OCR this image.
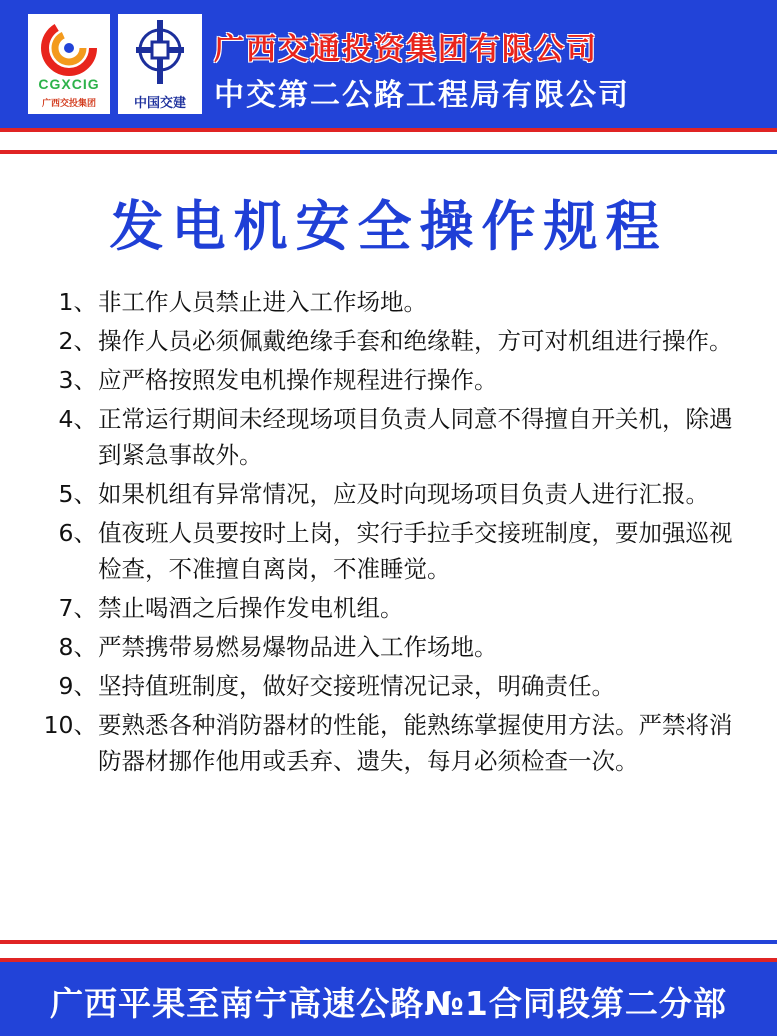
CGXCIG
广西交投集团	中国交建
广西交通投资集团有限公司
中交第二公路工程局有限公司
发电机安全操作规程
1、 非工作人员禁止进入工作场地。
2、 操作人员必须佩戴绝缘手套和绝缘鞋，方可对机组进行操作。
3、 应严格按照发电机操作规程进行操作。
4、 正常运行期间未经现场项目负责人同意不得擅自开关机，除遇到紧急事故外。
5、 如果机组有异常情况，应及时向现场项目负责人进行汇报。
6、 值夜班人员要按时上岗，实行手拉手交接班制度，要加强巡视检查，不准擅自离岗，不准睡觉。
7、 禁止喝酒之后操作发电机组。
8、 严禁携带易燃易爆物品进入工作场地。
9、 坚持值班制度，做好交接班情况记录，明确责任。
10、 要熟悉各种消防器材的性能，能熟练掌握使用方法。严禁将消防器材挪作他用或丢弃、遗失，每月必须检查一次。
广西平果至南宁高速公路№1合同段第二分部
